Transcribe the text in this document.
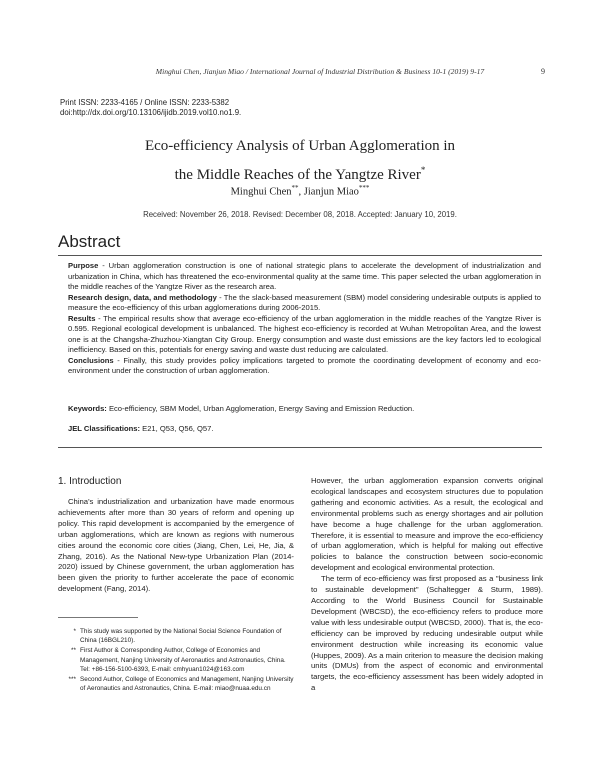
Minghui Chen, Jianjun Miao / International Journal of Industrial Distribution & Business 10-1 (2019) 9-17	9
Print ISSN: 2233-4165 / Online ISSN: 2233-5382
doi:http://dx.doi.org/10.13106/ijidb.2019.vol10.no1.9.
Eco-efficiency Analysis of Urban Agglomeration in
the Middle Reaches of the Yangtze River*
Minghui Chen**, Jianjun Miao***
Received: November 26, 2018. Revised: December 08, 2018. Accepted: January 10, 2019.
Abstract

Purpose - Urban agglomeration construction is one of national strategic plans to accelerate the development of industrialization and urbanization in China, which has threatened the eco-environmental quality at the same time. This paper selected the urban agglomeration in the middle reaches of the Yangtze River as the research area.

Research design, data, and methodology - The the slack-based measurement (SBM) model considering undesirable outputs is applied to measure the eco-efficiency of this urban agglomerations during 2006-2015.

Results - The empirical results show that average eco-efficiency of the urban agglomeration in the middle reaches of the Yangtze River is 0.595. Regional ecological development is unbalanced. The highest eco-efficiency is recorded at Wuhan Metropolitan Area, and the lowest one is at the Changsha-Zhuzhou-Xiangtan City Group. Energy consumption and waste dust emissions are the key factors led to ecological inefficiency. Based on this, potentials for energy saving and waste dust reducing are calculated.

Conclusions - Finally, this study provides policy implications targeted to promote the coordinating development of economy and eco-environment under the construction of urban agglomeration.

Keywords: Eco-efficiency, SBM Model, Urban Agglomeration, Energy Saving and Emission Reduction.
JEL Classifications: E21, Q53, Q56, Q57.
1. Introduction

China's industrialization and urbanization have made enormous achievements after more than 30 years of reform and opening up policy. This rapid development is accompanied by the emergence of urban agglomerations, which are known as regions with numerous cities around the economic core cities (Jiang, Chen, Lei, He, Jia, & Zhang, 2016). As the National New-type Urbanization Plan (2014-2020) issued by Chinese government, the urban agglomeration has been given the priority to further accelerate the pace of economic development (Fang, 2014).

However, the urban agglomeration expansion converts original ecological landscapes and ecosystem structures due to population gathering and economic activities. As a result, the ecological and environmental problems such as energy shortages and air pollution have become a huge challenge for the urban agglomeration. Therefore, it is essential to measure and improve the eco-efficiency of urban agglomeration, which is helpful for making out effective policies to balance the construction between socio-economic development and ecological environmental protection.

The term of eco-efficiency was first proposed as a "business link to sustainable development" (Schaltegger & Sturm, 1989). According to the World Business Council for Sustainable Development (WBCSD), the eco-efficiency refers to produce more value with less undesirable output (WBCSD, 2000). That is, the eco-efficiency can be improved by reducing undesirable output while environment destruction while increasing its economic value (Huppes, 2009). As a main criterion to measure the decision making units (DMUs) from the aspect of economic and environmental targets, the eco-efficiency assessment has been widely adopted in a

* This study was supported by the National Social Science Foundation of China (16BGL210).
** First Author & Corresponding Author, College of Economics and Management, Nanjing University of Aeronautics and Astronautics, China. Tel: +86-156-5100-6393, E-mail: cmhyuan1024@163.com
*** Second Author, College of Economics and Management, Nanjing University of Aeronautics and Astronautics, China. E-mail: miao@nuaa.edu.cn
